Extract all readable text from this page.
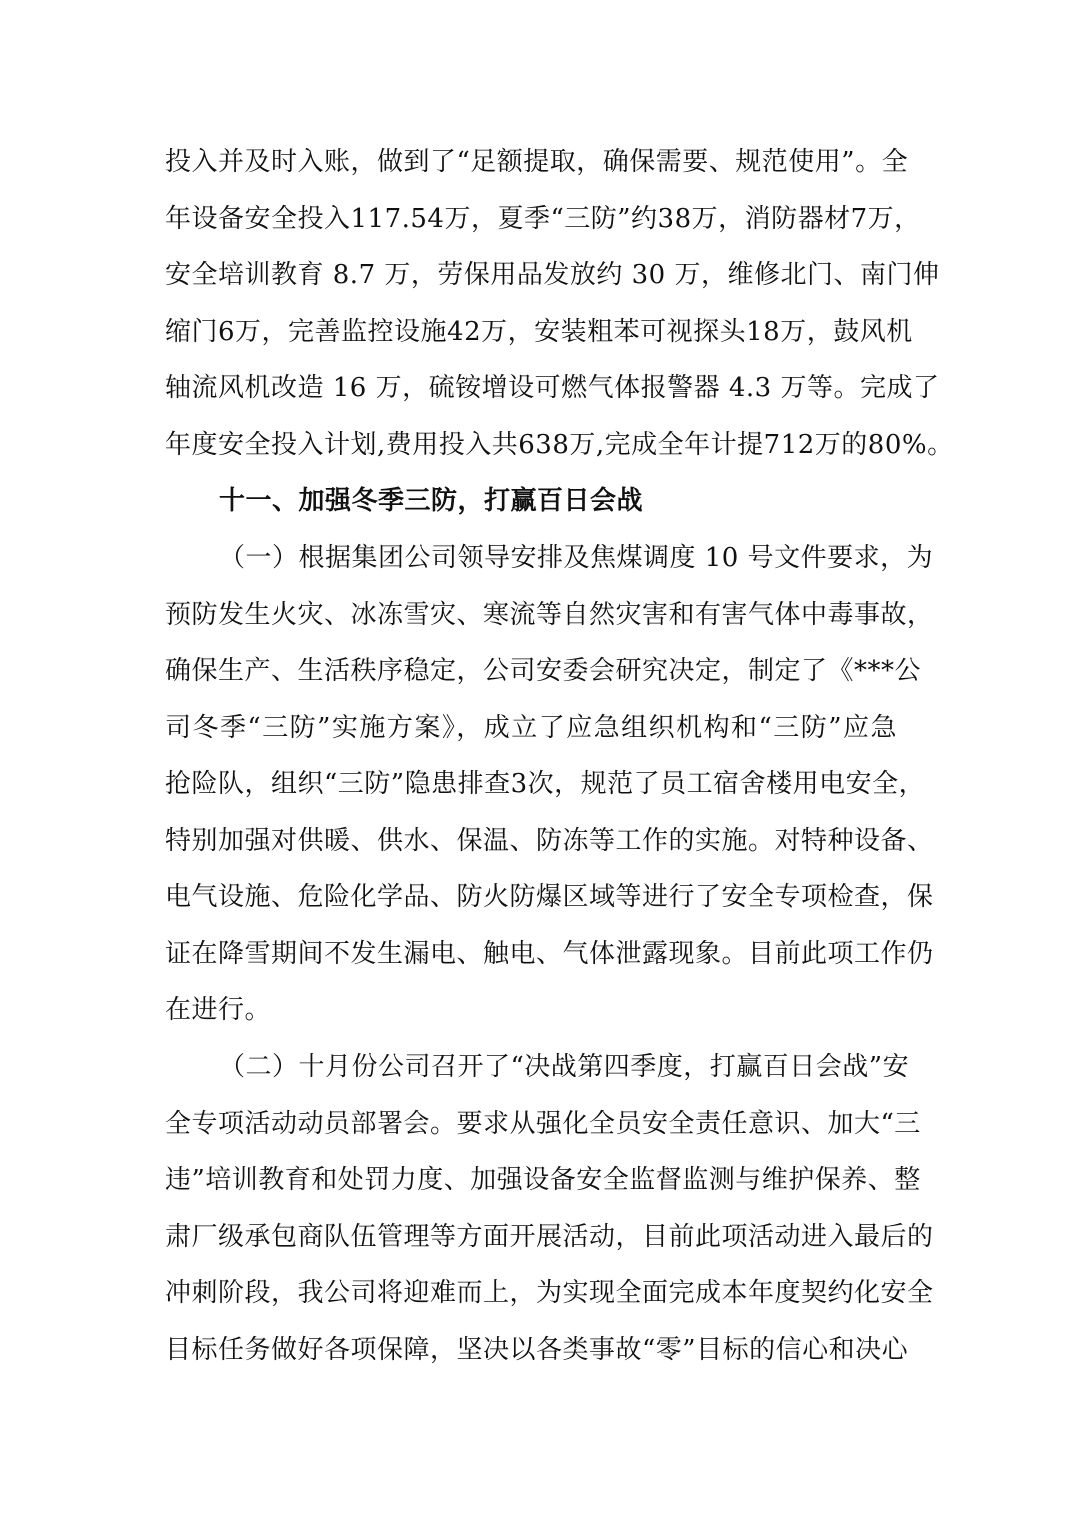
投入并及时入账，做到了“足额提取，确保需要、规范使用”。全
年设备安全投入117.54万，夏季“三防”约38万，消防器材7万，
安全培训教育 8.7 万，劳保用品发放约 30 万，维修北门、南门伸
缩门6万，完善监控设施42万，安装粗苯可视探头18万，鼓风机
轴流风机改造 16 万，硫铵增设可燃气体报警器 4.3 万等。完成了
年度安全投入计划,费用投入共638万,完成全年计提712万的80%。
十一、加强冬季三防，打赢百日会战
（一）根据集团公司领导安排及焦煤调度 10 号文件要求，为
预防发生火灾、冰冻雪灾、寒流等自然灾害和有害气体中毒事故，
确保生产、生活秩序稳定，公司安委会研究决定，制定了《***公
司冬季“三防”实施方案》，成立了应急组织机构和“三防”应急
抢险队，组织“三防”隐患排查3次，规范了员工宿舍楼用电安全，
特别加强对供暖、供水、保温、防冻等工作的实施。对特种设备、
电气设施、危险化学品、防火防爆区域等进行了安全专项检查，保
证在降雪期间不发生漏电、触电、气体泄露现象。目前此项工作仍
在进行。
（二）十月份公司召开了“决战第四季度，打赢百日会战”安
全专项活动动员部署会。要求从强化全员安全责任意识、加大“三
违”培训教育和处罚力度、加强设备安全监督监测与维护保养、整
肃厂级承包商队伍管理等方面开展活动，目前此项活动进入最后的
冲刺阶段，我公司将迎难而上，为实现全面完成本年度契约化安全
目标任务做好各项保障，坚决以各类事故“零”目标的信心和决心
